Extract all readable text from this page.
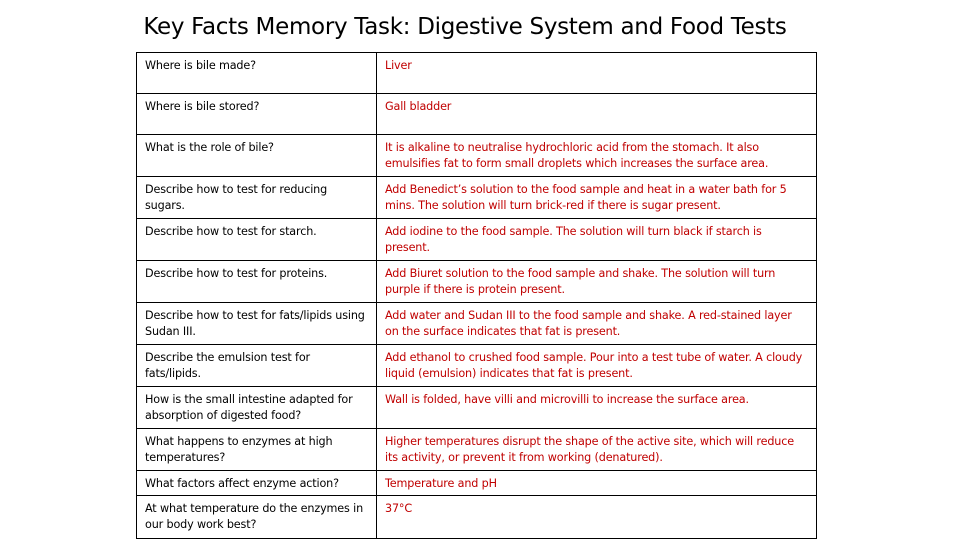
Key Facts Memory Task: Digestive System and Food Tests
Where is bile made?	Liver
Where is bile stored?	Gall bladder
What is the role of bile?	It is alkaline to neutralise hydrochloric acid from the stomach. It also emulsifies fat to form small droplets which increases the surface area.
Describe how to test for reducing sugars.	Add Benedict’s solution to the food sample and heat in a water bath for 5 mins. The solution will turn brick-red if there is sugar present.
Describe how to test for starch.	Add iodine to the food sample. The solution will turn black if starch is present.
Describe how to test for proteins.	Add Biuret solution to the food sample and shake. The solution will turn purple if there is protein present.
Describe how to test for fats/lipids using Sudan III.	Add water and Sudan III to the food sample and shake. A red-stained layer on the surface indicates that fat is present.
Describe the emulsion test for fats/lipids.	Add ethanol to crushed food sample. Pour into a test tube of water. A cloudy liquid (emulsion) indicates that fat is present.
How is the small intestine adapted for absorption of digested food?	Wall is folded, have villi and microvilli to increase the surface area.
What happens to enzymes at high temperatures?	Higher temperatures disrupt the shape of the active site, which will reduce its activity, or prevent it from working (denatured).
What factors affect enzyme action?	Temperature and pH
At what temperature do the enzymes in our body work best?	37°C
